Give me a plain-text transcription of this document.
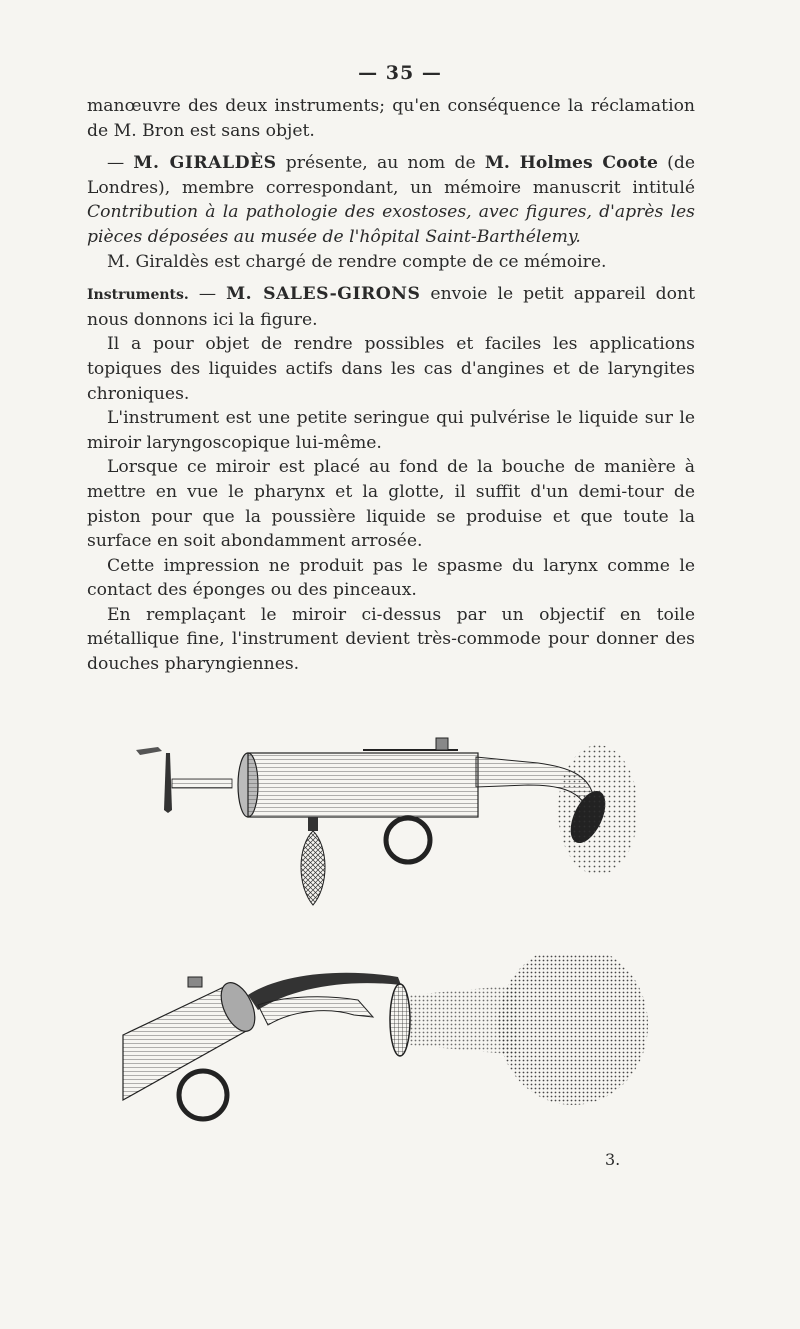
— 35 —

manœuvre des deux instruments; qu'en conséquence la réclamation de M. Bron est sans objet.

— M. GIRALDÈS présente, au nom de M. Holmes Coote (de Londres), membre correspondant, un mémoire manuscrit intitulé Contribution à la pathologie des exostoses, avec figures, d'après les pièces déposées au musée de l'hôpital Saint-Barthélemy.

M. Giraldès est chargé de rendre compte de ce mémoire.

Instruments. — M. SALES-GIRONS envoie le petit appareil dont nous donnons ici la figure.

Il a pour objet de rendre possibles et faciles les applications topiques des liquides actifs dans les cas d'angines et de laryngites chroniques.

L'instrument est une petite seringue qui pulvérise le liquide sur le miroir laryngoscopique lui-même.

Lorsque ce miroir est placé au fond de la bouche de manière à mettre en vue le pharynx et la glotte, il suffit d'un demi-tour de piston pour que la poussière liquide se produise et que toute la surface en soit abondamment arrosée.

Cette impression ne produit pas le spasme du larynx comme le contact des éponges ou des pinceaux.

En remplaçant le miroir ci-dessus par un objectif en toile métallique fine, l'instrument devient très-commode pour donner des douches pharyngiennes.

3.
